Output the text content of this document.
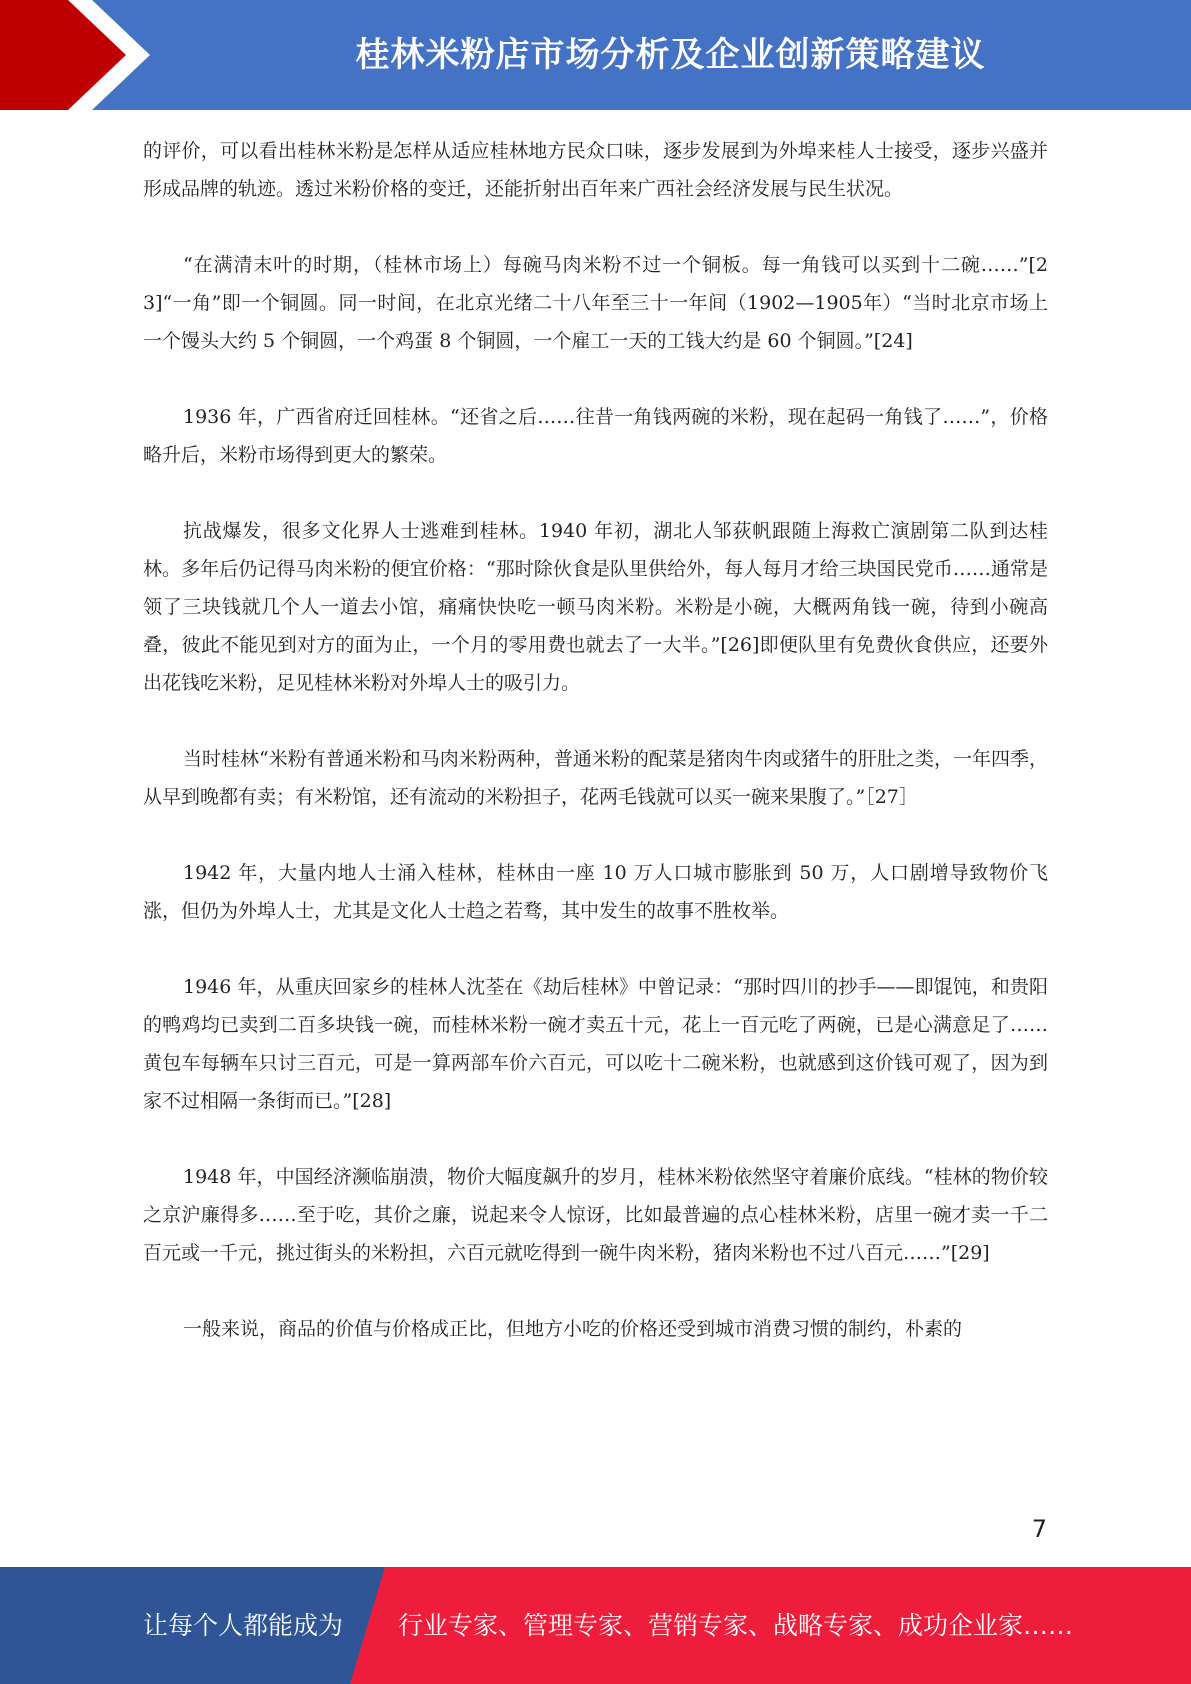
桂林米粉店市场分析及企业创新策略建议

的评价，可以看出桂林米粉是怎样从适应桂林地方民众口味，逐步发展到为外埠来桂人士接受，逐步兴盛并形成品牌的轨迹。透过米粉价格的变迁，还能折射出百年来广西社会经济发展与民生状况。

“在满清末叶的时期，（桂林市场上）每碗马肉米粉不过一个铜板。每一角钱可以买到十二碗……”[23]“一角”即一个铜圆。同一时间，在北京光绪二十八年至三十一年间（1902—1905年）“当时北京市场上一个馒头大约 5 个铜圆，一个鸡蛋 8 个铜圆，一个雇工一天的工钱大约是 60 个铜圆。”[24]

1936 年，广西省府迁回桂林。“还省之后……往昔一角钱两碗的米粉，现在起码一角钱了……”，价格略升后，米粉市场得到更大的繁荣。

抗战爆发，很多文化界人士逃难到桂林。1940 年初，湖北人邹荻帆跟随上海救亡演剧第二队到达桂林。多年后仍记得马肉米粉的便宜价格：“那时除伙食是队里供给外，每人每月才给三块国民党币……通常是领了三块钱就几个人一道去小馆，痛痛快快吃一顿马肉米粉。米粉是小碗，大概两角钱一碗，待到小碗高叠，彼此不能见到对方的面为止，一个月的零用费也就去了一大半。”[26]即便队里有免费伙食供应，还要外出花钱吃米粉，足见桂林米粉对外埠人士的吸引力。

当时桂林“米粉有普通米粉和马肉米粉两种，普通米粉的配菜是猪肉牛肉或猪牛的肝肚之类，一年四季，从早到晚都有卖；有米粉馆，还有流动的米粉担子，花两毛钱就可以买一碗来果腹了。”［27］

1942 年，大量内地人士涌入桂林，桂林由一座 10 万人口城市膨胀到 50 万，人口剧增导致物价飞涨，但仍为外埠人士，尤其是文化人士趋之若骛，其中发生的故事不胜枚举。

1946 年，从重庆回家乡的桂林人沈荃在《劫后桂林》中曾记录：“那时四川的抄手——即馄饨，和贵阳的鸭鸡均已卖到二百多块钱一碗，而桂林米粉一碗才卖五十元，花上一百元吃了两碗，已是心满意足了……黄包车每辆车只讨三百元，可是一算两部车价六百元，可以吃十二碗米粉，也就感到这价钱可观了，因为到家不过相隔一条街而已。”[28]

1948 年，中国经济濒临崩溃，物价大幅度飙升的岁月，桂林米粉依然坚守着廉价底线。“桂林的物价较之京沪廉得多……至于吃，其价之廉，说起来令人惊讶，比如最普遍的点心桂林米粉，店里一碗才卖一千二百元或一千元，挑过街头的米粉担，六百元就吃得到一碗牛肉米粉，猪肉米粉也不过八百元……”[29]

一般来说，商品的价值与价格成正比，但地方小吃的价格还受到城市消费习惯的制约，朴素的

7
让每个人都能成为 行业专家、管理专家、营销专家、战略专家、成功企业家……
